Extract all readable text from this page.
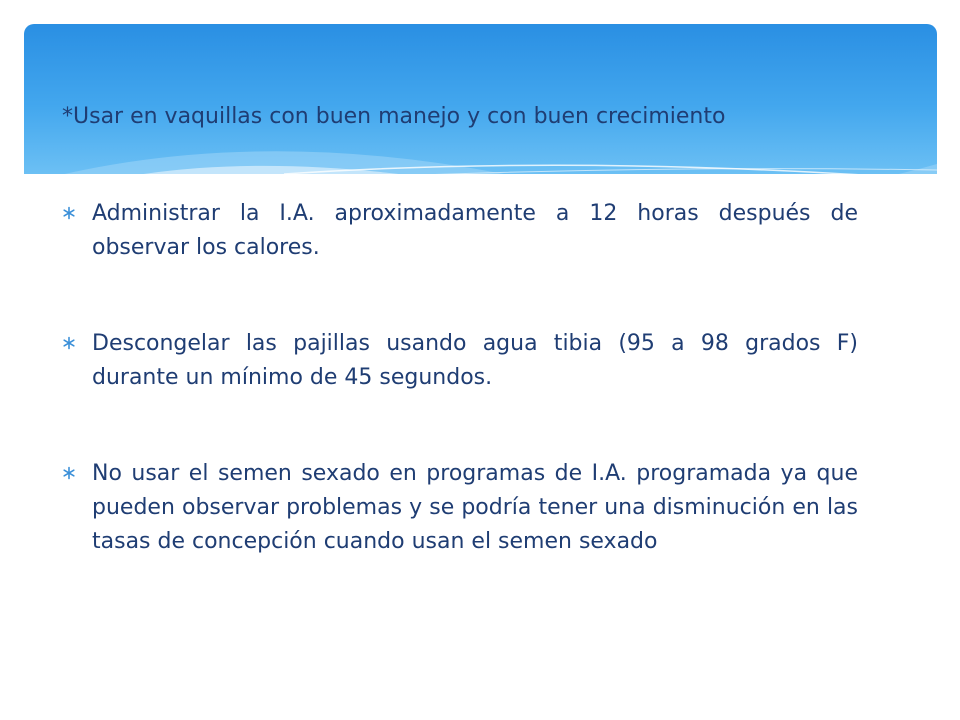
*Usar en vaquillas con buen manejo y con buen crecimiento

Administrar la I.A. aproximadamente a 12 horas después de observar los calores.

Descongelar las pajillas usando agua tibia (95 a 98 grados F) durante un mínimo de 45 segundos.

No usar el semen sexado en programas de I.A. programada ya que pueden observar problemas y se podría tener una disminución en las tasas de concepción cuando usan el semen sexado
